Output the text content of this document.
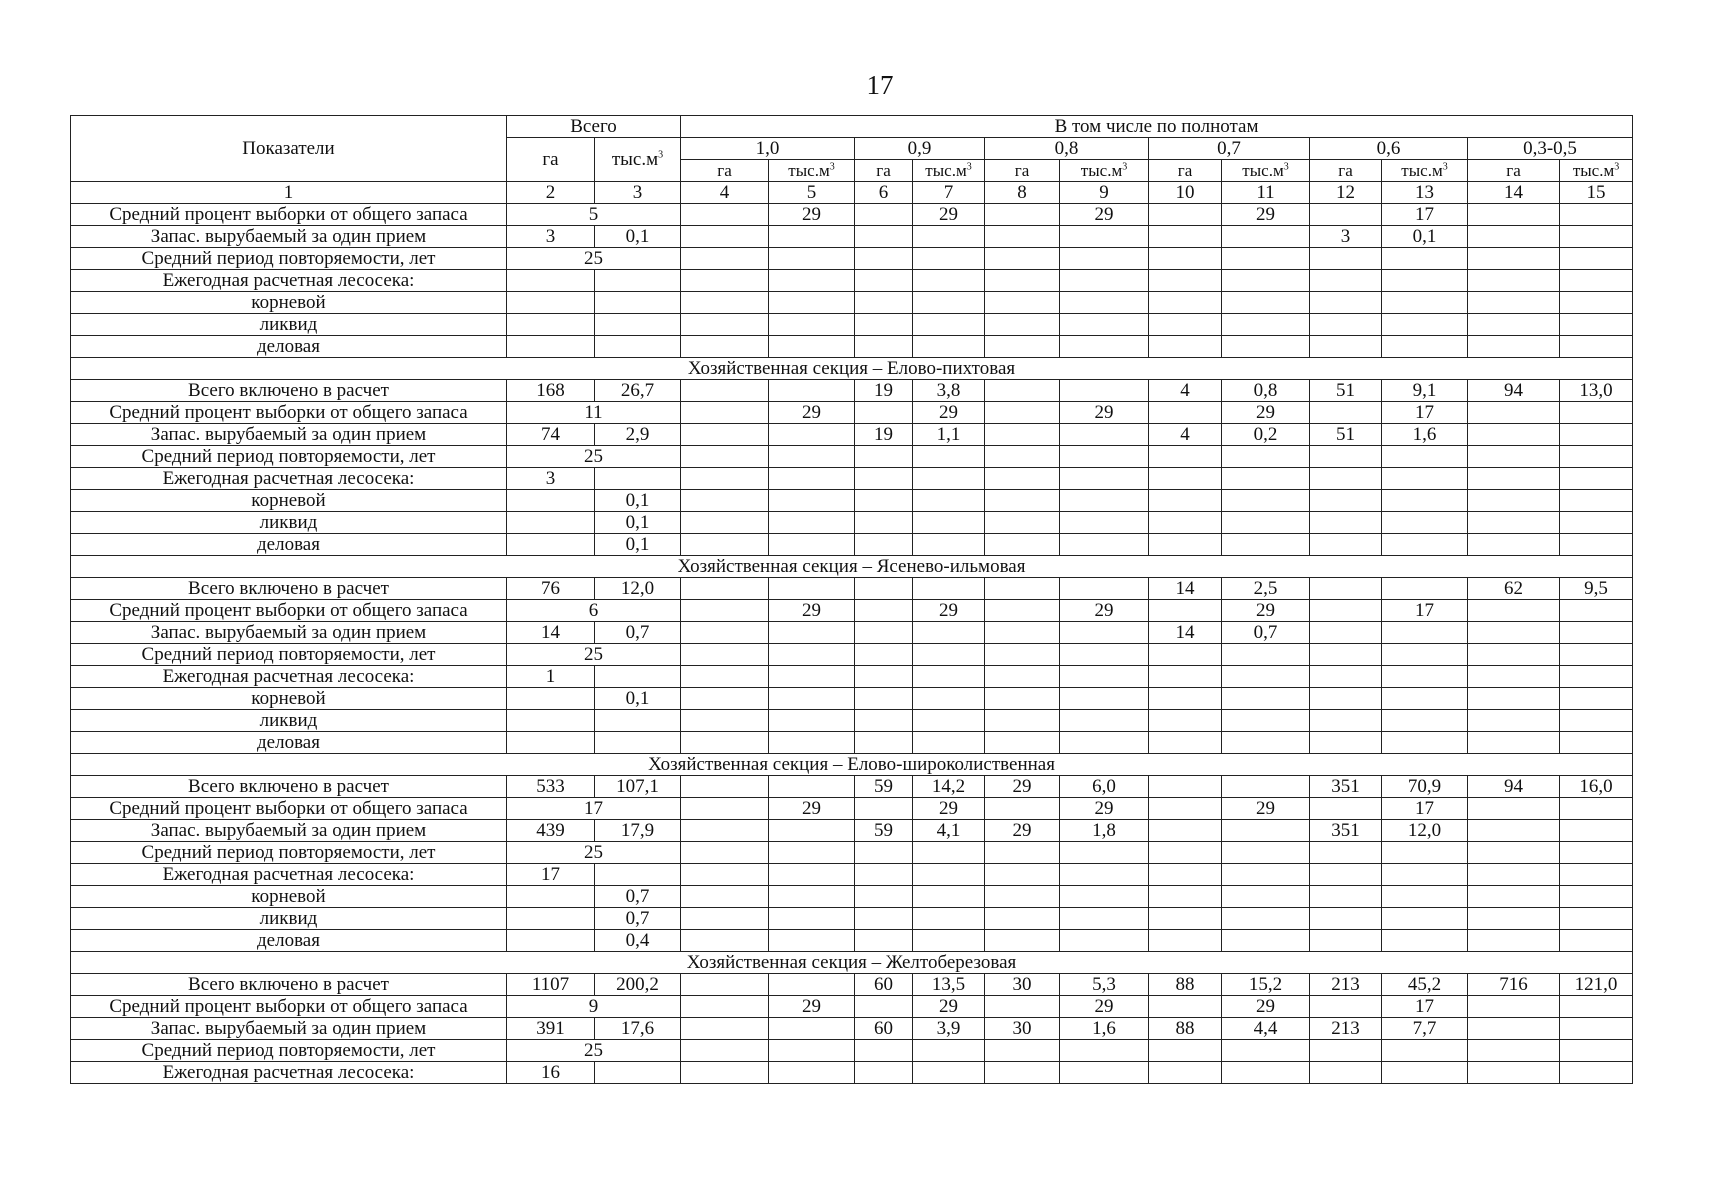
17
Показатели	Всего		В том числе по полнотам											
	га	$тыс.м^3$	1,0		0,9		0,8		0,7		0,6		0,3-0,5	
			га	$тыс.м^3$	га	$тыс.м^3$	га	$тыс.м^3$	га	$тыс.м^3$	га	$тыс.м^3$	га	$тыс.м^3$
1	2	3	4	5	6	7	8	9	10	11	12	13	14	15
Средний процент выборки от общего запаса	5			29		29		29		29		17		
Запас. вырубаемый за один прием	3	0,1									3	0,1		
Средний период повторяемости, лет	25													
Ежегодная расчетная лесосека:														
корневой														
ликвид														
деловая														
Хозяйственная секция – Елово-пихтовая														
Всего включено в расчет	168	26,7			19	3,8			4	0,8	51	9,1	94	13,0
Средний процент выборки от общего запаса	11			29		29		29		29		17		
Запас. вырубаемый за один прием	74	2,9			19	1,1			4	0,2	51	1,6		
Средний период повторяемости, лет	25													
Ежегодная расчетная лесосека:	3													
корневой		0,1												
ликвид		0,1												
деловая		0,1												
Хозяйственная секция – Ясенево-ильмовая														
Всего включено в расчет	76	12,0							14	2,5			62	9,5
Средний процент выборки от общего запаса	6			29		29		29		29		17		
Запас. вырубаемый за один прием	14	0,7							14	0,7				
Средний период повторяемости, лет	25													
Ежегодная расчетная лесосека:	1													
корневой		0,1												
ликвид														
деловая														
Хозяйственная секция – Елово-широколиственная														
Всего включено в расчет	533	107,1			59	14,2	29	6,0			351	70,9	94	16,0
Средний процент выборки от общего запаса	17			29		29		29		29		17		
Запас. вырубаемый за один прием	439	17,9			59	4,1	29	1,8			351	12,0		
Средний период повторяемости, лет	25													
Ежегодная расчетная лесосека:	17													
корневой		0,7												
ликвид		0,7												
деловая		0,4												
Хозяйственная секция – Желтоберезовая														
Всего включено в расчет	1107	200,2			60	13,5	30	5,3	88	15,2	213	45,2	716	121,0
Средний процент выборки от общего запаса	9			29		29		29		29		17		
Запас. вырубаемый за один прием	391	17,6			60	3,9	30	1,6	88	4,4	213	7,7		
Средний период повторяемости, лет	25													
Ежегодная расчетная лесосека:	16													
